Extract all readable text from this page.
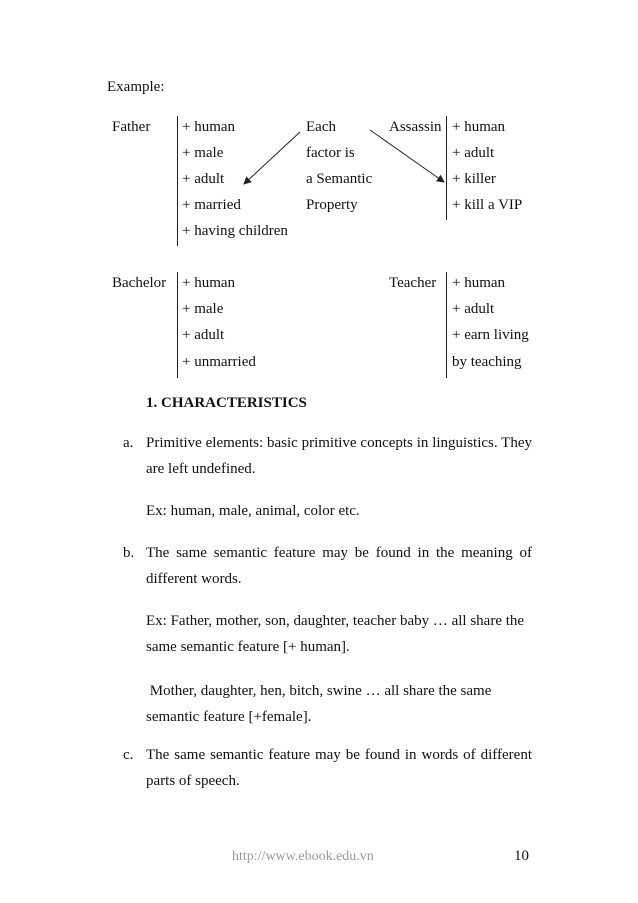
Example:
Father + human
+ male
+ adult
+ married
+ having children
Each
factor is
a Semantic
Property
Assassin + human
+ adult
+ killer
+ kill a VIP
Bachelor + human
+ male
+ adult
+ unmarried
Teacher + human
+ adult
+ earn living
by teaching
1. CHARACTERISTICS
a. Primitive elements: basic primitive concepts in linguistics. They
are left undefined.
Ex: human, male, animal, color etc.
b. The same semantic feature may be found in the meaning of
different words.
Ex: Father, mother, son, daughter, teacher baby … all share the
same semantic feature [+ human].
Mother, daughter, hen, bitch, swine … all share the same
semantic feature [+female].
c. The same semantic feature may be found in words of different
parts of speech.
http://www.ebook.edu.vn	10
